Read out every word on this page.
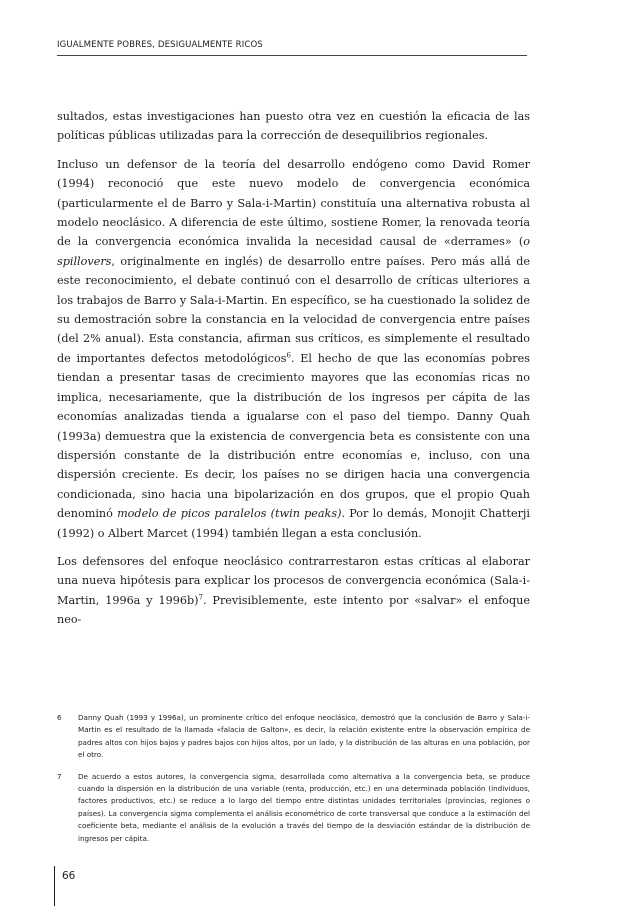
IGUALMENTE POBRES, DESIGUALMENTE RICOS

sultados, estas investigaciones han puesto otra vez en cuestión la eficacia de las políticas públicas utilizadas para la corrección de desequilibrios regionales.

Incluso un defensor de la teoría del desarrollo endógeno como David Romer (1994) reconoció que este nuevo modelo de convergencia económica (particularmente el de Barro y Sala-i-Martin) constituía una alternativa robusta al modelo neoclásico. A diferencia de este último, sostiene Romer, la renovada teoría de la convergencia económica invalida la necesidad causal de «derrames» (o spillovers, originalmente en inglés) de desarrollo entre países. Pero más allá de este reconocimiento, el debate continuó con el desarrollo de críticas ulteriores a los trabajos de Barro y Sala-i-Martin. En específico, se ha cuestionado la solidez de su demostración sobre la constancia en la velocidad de convergencia entre países (del 2% anual). Esta constancia, afirman sus críticos, es simplemente el resultado de importantes defectos metodológicos$^6$. El hecho de que las economías pobres tiendan a presentar tasas de crecimiento mayores que las economías ricas no implica, necesariamente, que la distribución de los ingresos per cápita de las economías analizadas tienda a igualarse con el paso del tiempo. Danny Quah (1993a) demuestra que la existencia de convergencia beta es consistente con una dispersión constante de la distribución entre economías e, incluso, con una dispersión creciente. Es decir, los países no se dirigen hacia una convergencia condicionada, sino hacia una bipolarización en dos grupos, que el propio Quah denominó modelo de picos paralelos (twin peaks). Por lo demás, Monojit Chatterji (1992) o Albert Marcet (1994) también llegan a esta conclusión.

Los defensores del enfoque neoclásico contrarrestaron estas críticas al elaborar una nueva hipótesis para explicar los procesos de convergencia económica (Sala-i-Martin, 1996a y 1996b)$^7$. Previsiblemente, este intento por «salvar» el enfoque neo-

6	Danny Quah (1993 y 1996a), un prominente crítico del enfoque neoclásico, demostró que la conclusión de Barro y Sala-i-Martin es el resultado de la llamada «falacia de Galton», es decir, la relación existente entre la observación empírica de padres altos con hijos bajos y padres bajos con hijos altos, por un lado, y la distribución de las alturas en una población, por el otro.
7	De acuerdo a estos autores, la convergencia sigma, desarrollada como alternativa a la convergencia beta, se produce cuando la dispersión en la distribución de una variable (renta, producción, etc.) en una determinada población (individuos, factores productivos, etc.) se reduce a lo largo del tiempo entre distintas unidades territoriales (provincias, regiones o países). La convergencia sigma complementa el análisis econométrico de corte transversal que conduce a la estimación del coeficiente beta, mediante el análisis de la evolución a través del tiempo de la desviación estándar de la distribución de ingresos per cápita.
66
